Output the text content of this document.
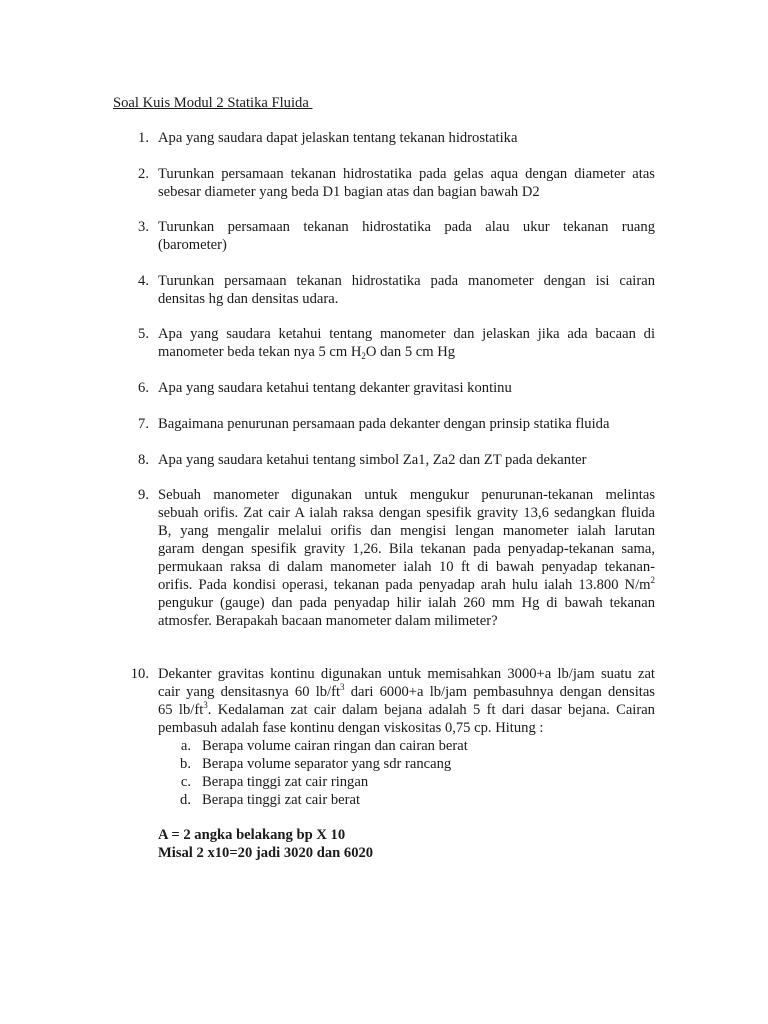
Soal Kuis Modul 2 Statika Fluida
1. Apa yang saudara dapat jelaskan tentang tekanan hidrostatika
2. Turunkan persamaan tekanan hidrostatika pada gelas aqua dengan diameter atas
sebesar diameter yang beda D1 bagian atas dan bagian bawah D2
3. Turunkan persamaan tekanan hidrostatika pada alau ukur tekanan ruang
(barometer)
4. Turunkan persamaan tekanan hidrostatika pada manometer dengan isi cairan
densitas hg dan densitas udara.
5. Apa yang saudara ketahui tentang manometer dan jelaskan jika ada bacaan di
manometer beda tekan nya 5 cm $H_2O$ dan 5 cm Hg
6. Apa yang saudara ketahui tentang dekanter gravitasi kontinu
7. Bagaimana penurunan persamaan pada dekanter dengan prinsip statika fluida
8. Apa yang saudara ketahui tentang simbol Za1, Za2 dan ZT pada dekanter
9. Sebuah manometer digunakan untuk mengukur penurunan-tekanan melintas
sebuah orifis. Zat cair A ialah raksa dengan spesifik gravity 13,6 sedangkan fluida
B, yang mengalir melalui orifis dan mengisi lengan manometer ialah larutan
garam dengan spesifik gravity 1,26. Bila tekanan pada penyadap-tekanan sama,
permukaan raksa di dalam manometer ialah 10 ft di bawah penyadap tekanan-
orifis. Pada kondisi operasi, tekanan pada penyadap arah hulu ialah 13.800 $N/m^2$
pengukur (gauge) dan pada penyadap hilir ialah 260 mm Hg di bawah tekanan
atmosfer. Berapakah bacaan manometer dalam milimeter?
10. Dekanter gravitas kontinu digunakan untuk memisahkan 3000+a lb/jam suatu zat
cair yang densitasnya 60 $lb/ft^3$ dari 6000+a lb/jam pembasuhnya dengan densitas
65 $lb/ft^3$. Kedalaman zat cair dalam bejana adalah 5 ft dari dasar bejana. Cairan
pembasuh adalah fase kontinu dengan viskositas 0,75 cp. Hitung :
a. Berapa volume cairan ringan dan cairan berat
b. Berapa volume separator yang sdr rancang
c. Berapa tinggi zat cair ringan
d. Berapa tinggi zat cair berat
A = 2 angka belakang bp X 10
Misal 2 x10=20 jadi 3020 dan 6020
